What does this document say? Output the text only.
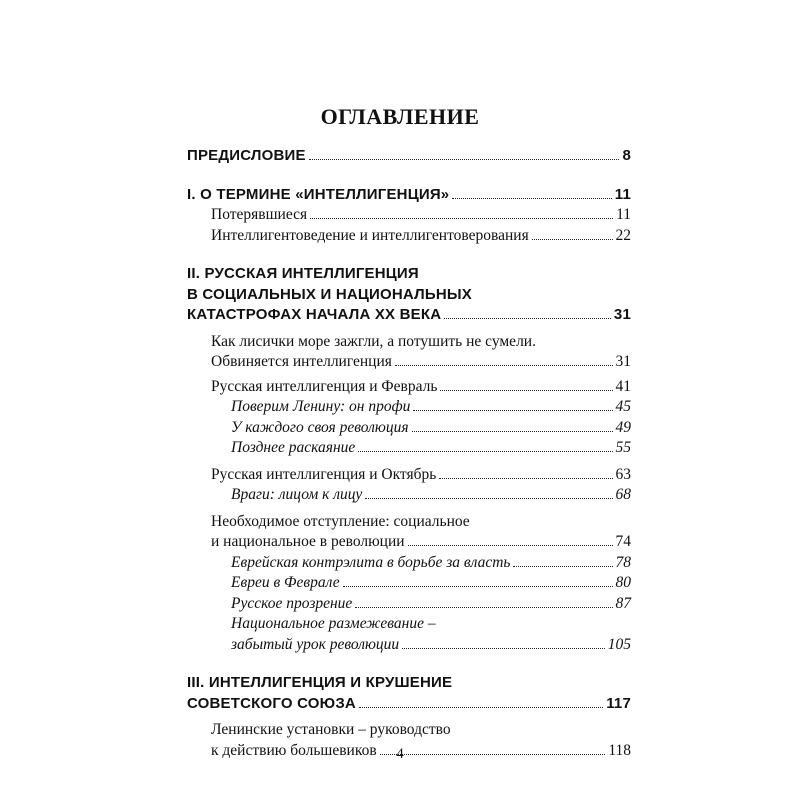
ОГЛАВЛЕНИЕ
ПРЕДИСЛОВИЕ	8
I. О ТЕРМИНЕ «ИНТЕЛЛИГЕНЦИЯ»	11
Потерявшиеся	11
Интеллигентоведение и интеллигентоверования	22
II. РУССКАЯ ИНТЕЛЛИГЕНЦИЯ
В СОЦИАЛЬНЫХ И НАЦИОНАЛЬНЫХ
КАТАСТРОФАХ НАЧАЛА XX ВЕКА	31
Как лисички море зажгли, а потушить не сумели.
Обвиняется интеллигенция	31
Русская интеллигенция и Февраль	41
Поверим Ленину: он профи	45
У каждого своя революция	49
Позднее раскаяние	55
Русская интеллигенция и Октябрь	63
Враги: лицом к лицу	68
Необходимое отступление: социальное
и национальное в революции	74
Еврейская контрэлита в борьбе за власть	78
Евреи в Феврале	80
Русское прозрение	87
Национальное размежевание –
забытый урок революции	105
III. ИНТЕЛЛИГЕНЦИЯ И КРУШЕНИЕ
СОВЕТСКОГО СОЮЗА	117
Ленинские установки – руководство
к действию большевиков	118
4
